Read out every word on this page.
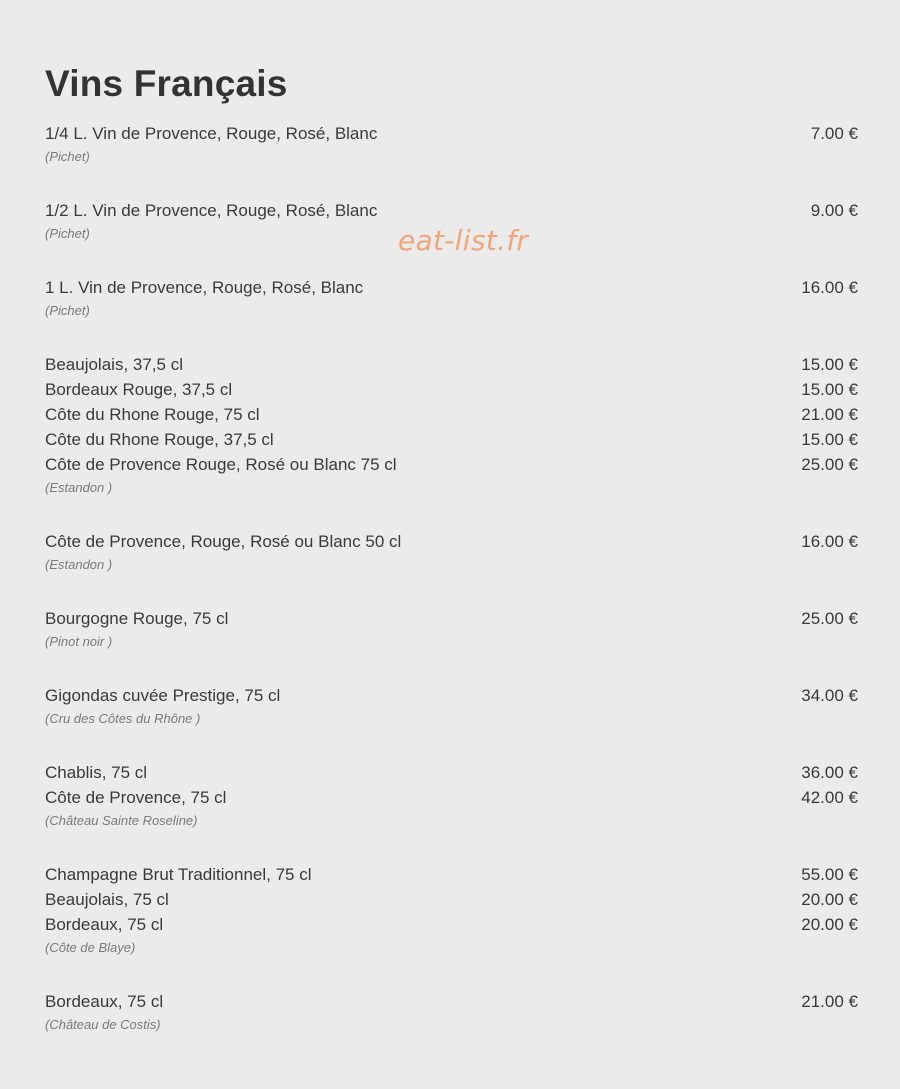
Vins Français
1/4 L. Vin de Provence, Rouge, Rosé, Blanc	7.00 €
(Pichet)
1/2 L. Vin de Provence, Rouge, Rosé, Blanc	9.00 €
(Pichet)
1 L. Vin de Provence, Rouge, Rosé, Blanc	16.00 €
(Pichet)
Beaujolais, 37,5 cl	15.00 €
Bordeaux Rouge, 37,5 cl	15.00 €
Côte du Rhone Rouge, 75 cl	21.00 €
Côte du Rhone Rouge, 37,5 cl	15.00 €
Côte de Provence Rouge, Rosé ou Blanc 75 cl	25.00 €
(Estandon )
Côte de Provence, Rouge, Rosé ou Blanc 50 cl	16.00 €
(Estandon )
Bourgogne Rouge, 75 cl	25.00 €
(Pinot noir )
Gigondas cuvée Prestige, 75 cl	34.00 €
(Cru des Côtes du Rhône )
Chablis, 75 cl	36.00 €
Côte de Provence, 75 cl	42.00 €
(Château Sainte Roseline)
Champagne Brut Traditionnel, 75 cl	55.00 €
Beaujolais, 75 cl	20.00 €
Bordeaux, 75 cl	20.00 €
(Côte de Blaye)
Bordeaux, 75 cl	21.00 €
(Château de Costis)
eat-list.fr
